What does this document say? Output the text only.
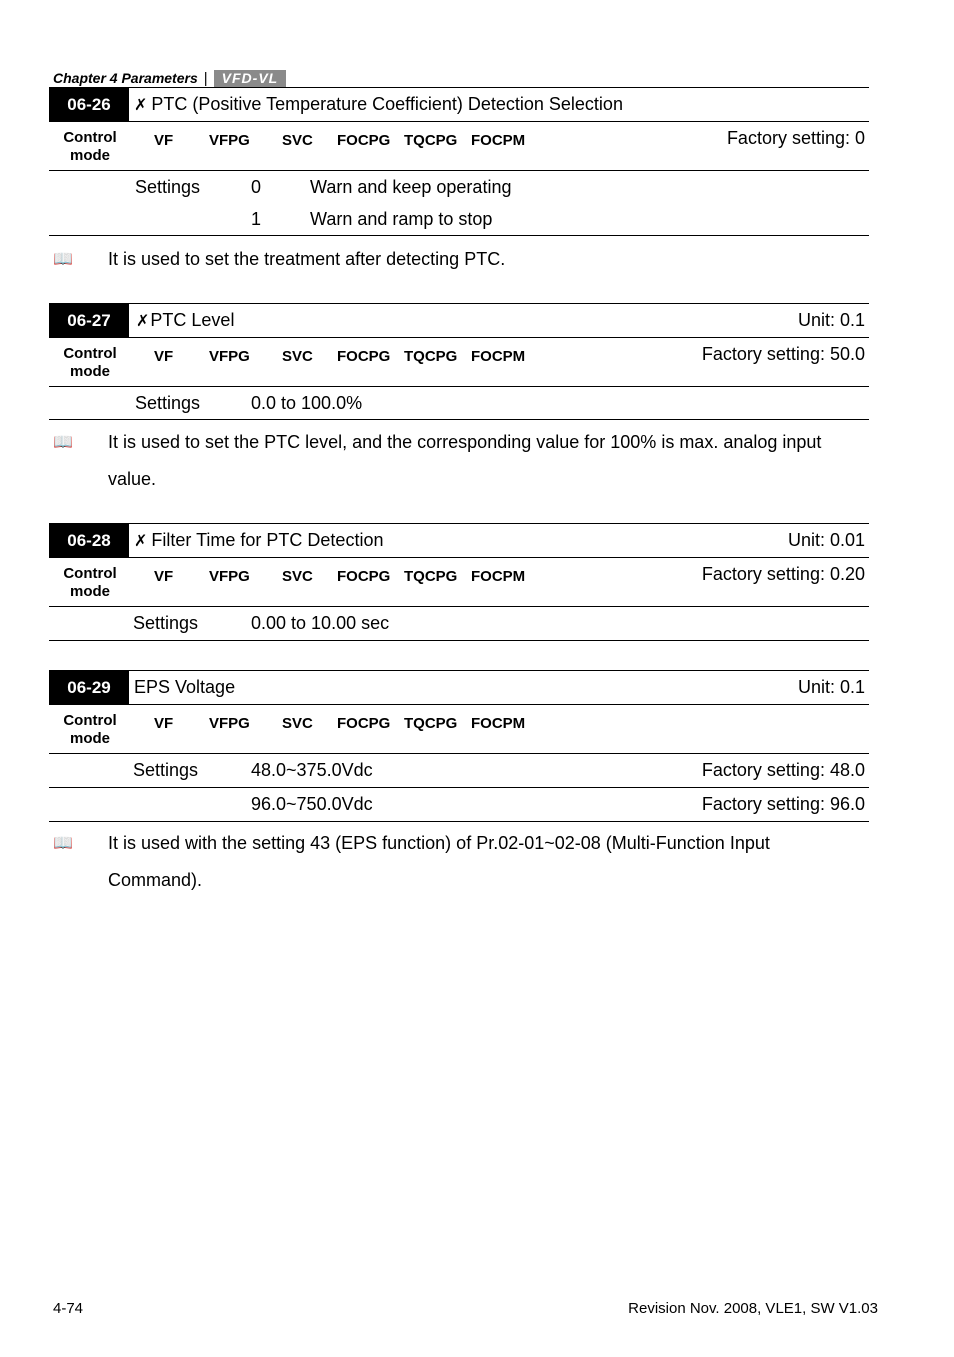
Chapter 4 Parameters |	VFD-VL
06-26	✗ PTC (Positive Temperature Coefficient) Detection Selection
Control
mode
VF VFPG SVC FOCPG TQCPG FOCPM	Factory setting: 0
Settings	0	Warn and keep operating
1	Warn and ramp to stop
📖 It is used to set the treatment after detecting PTC.
06-27	✗PTC Level	Unit: 0.1
Control
mode
VF VFPG SVC FOCPG TQCPG FOCPM	Factory setting: 50.0
Settings	0.0 to 100.0%
📖 It is used to set the PTC level, and the corresponding value for 100% is max. analog input value.
06-28	✗ Filter Time for PTC Detection	Unit: 0.01
Control
mode
VF VFPG SVC FOCPG TQCPG FOCPM	Factory setting: 0.20
Settings	0.00 to 10.00 sec
06-29	EPS Voltage	Unit: 0.1
Control
mode
VF VFPG SVC FOCPG TQCPG FOCPM
Settings	48.0~375.0Vdc	Factory setting: 48.0
96.0~750.0Vdc	Factory setting: 96.0
📖 It is used with the setting 43 (EPS function) of Pr.02-01~02-08 (Multi-Function Input Command).
4-74	Revision Nov. 2008, VLE1, SW V1.03
